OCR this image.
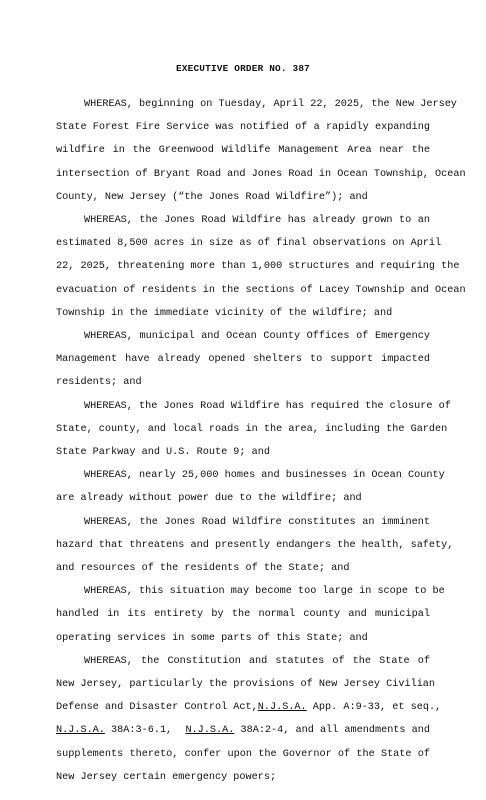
EXECUTIVE ORDER NO. 387
WHEREAS, beginning on Tuesday, April 22, 2025, the New Jersey
State Forest Fire Service was notified of a rapidly expanding
wildfire in the Greenwood Wildlife Management Area near the
intersection of Bryant Road and Jones Road in Ocean Township, Ocean
County, New Jersey (“the Jones Road Wildfire”); and
WHEREAS, the Jones Road Wildfire has already grown to an
estimated 8,500 acres in size as of final observations on April
22, 2025, threatening more than 1,000 structures and requiring the
evacuation of residents in the sections of Lacey Township and Ocean
Township in the immediate vicinity of the wildfire; and
WHEREAS, municipal and Ocean County Offices of Emergency
Management have already opened shelters to support impacted
residents; and
WHEREAS, the Jones Road Wildfire has required the closure of
State, county, and local roads in the area, including the Garden
State Parkway and U.S. Route 9; and
WHEREAS, nearly 25,000 homes and businesses in Ocean County
are already without power due to the wildfire; and
WHEREAS, the Jones Road Wildfire constitutes an imminent
hazard that threatens and presently endangers the health, safety,
and resources of the residents of the State; and
WHEREAS, this situation may become too large in scope to be
handled in its entirety by the normal county and municipal
operating services in some parts of this State; and
WHEREAS, the Constitution and statutes of the State of
New Jersey, particularly the provisions of New Jersey Civilian
Defense and Disaster Control Act, N.J.S.A. App. A:9-33, et seq.,
N.J.S.A. 38A:3-6.1, N.J.S.A. 38A:2-4, and all amendments and
supplements thereto, confer upon the Governor of the State of
New Jersey certain emergency powers;
